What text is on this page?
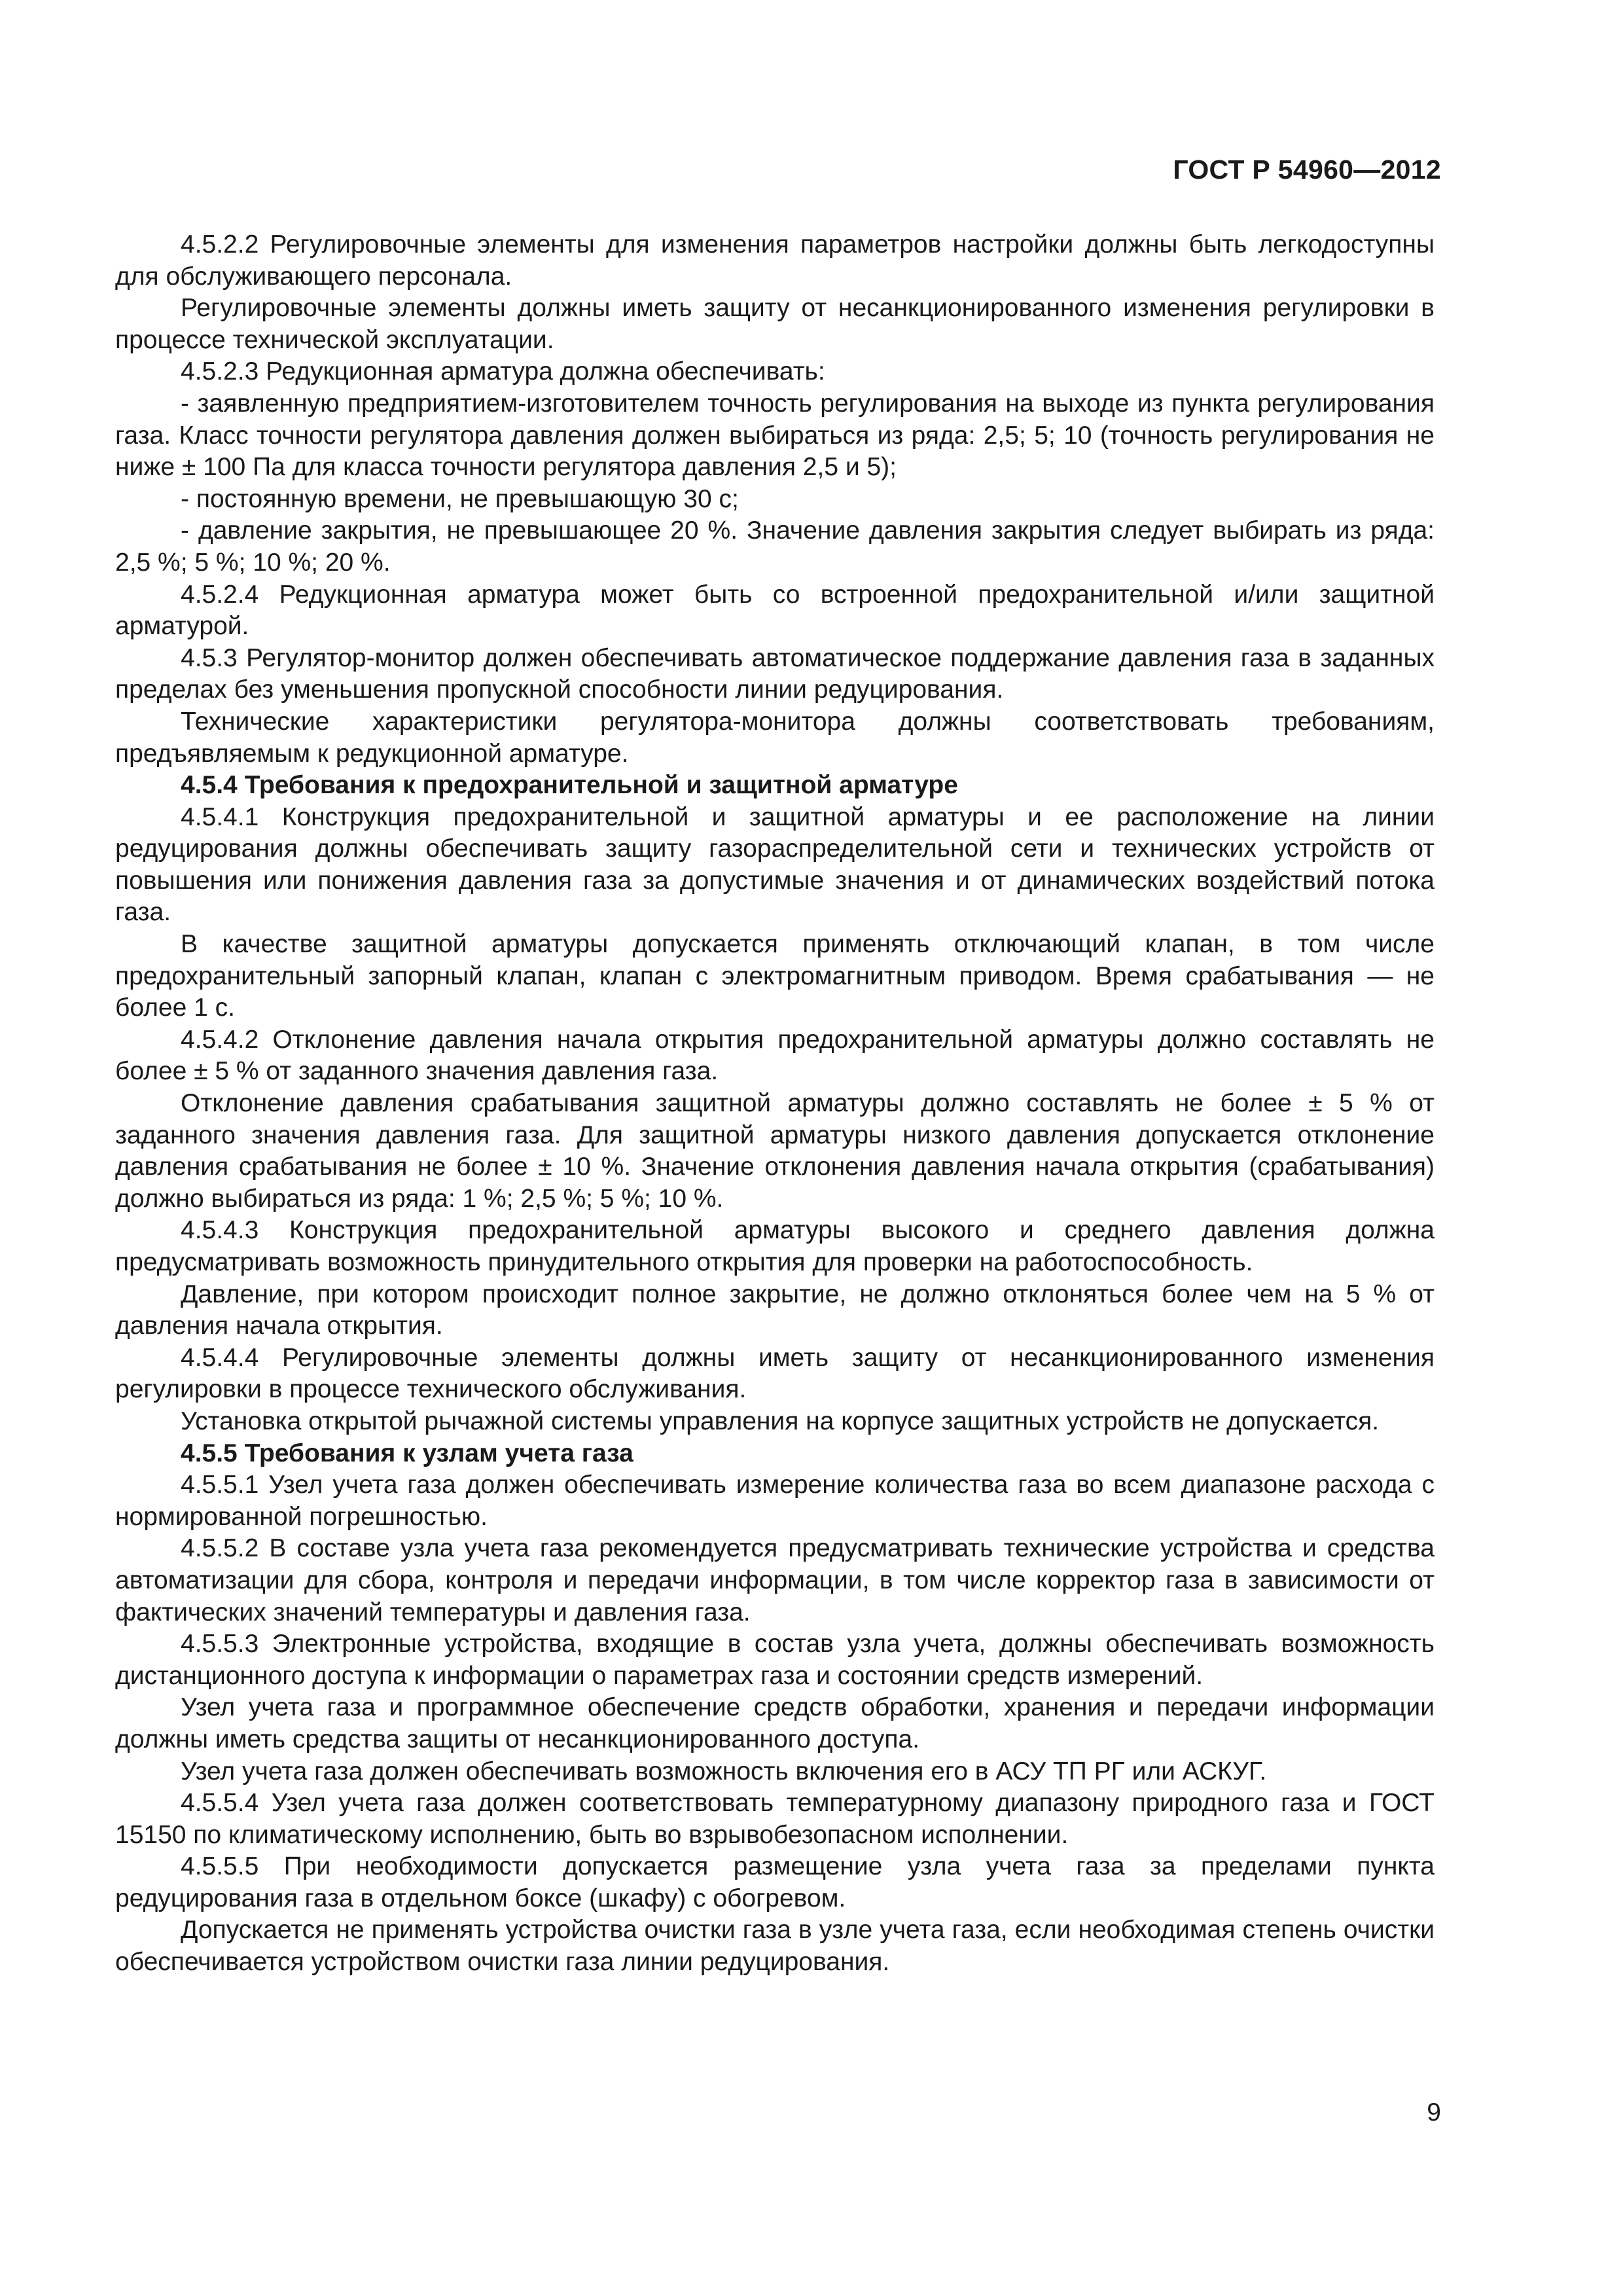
ГОСТ Р 54960—2012

4.5.2.2 Регулировочные элементы для изменения параметров настройки должны быть легкодоступны для обслуживающего персонала.

Регулировочные элементы должны иметь защиту от несанкционированного изменения регулировки в процессе технической эксплуатации.

4.5.2.3 Редукционная арматура должна обеспечивать:

- заявленную предприятием-изготовителем точность регулирования на выходе из пункта регулирования газа. Класс точности регулятора давления должен выбираться из ряда: 2,5; 5; 10 (точность регулирования не ниже ± 100 Па для класса точности регулятора давления 2,5 и 5);

- постоянную времени, не превышающую 30 с;

- давление закрытия, не превышающее 20 %. Значение давления закрытия следует выбирать из ряда: 2,5 %; 5 %; 10 %; 20 %.

4.5.2.4 Редукционная арматура может быть со встроенной предохранительной и/или защитной арматурой.

4.5.3 Регулятор-монитор должен обеспечивать автоматическое поддержание давления газа в заданных пределах без уменьшения пропускной способности линии редуцирования.

Технические характеристики регулятора-монитора должны соответствовать требованиям, предъявляемым к редукционной арматуре.

4.5.4 Требования к предохранительной и защитной арматуре

4.5.4.1 Конструкция предохранительной и защитной арматуры и ее расположение на линии редуцирования должны обеспечивать защиту газораспределительной сети и технических устройств от повышения или понижения давления газа за допустимые значения и от динамических воздействий потока газа.

В качестве защитной арматуры допускается применять отключающий клапан, в том числе предохранительный запорный клапан, клапан с электромагнитным приводом. Время срабатывания — не более 1 с.

4.5.4.2 Отклонение давления начала открытия предохранительной арматуры должно составлять не более ± 5 % от заданного значения давления газа.

Отклонение давления срабатывания защитной арматуры должно составлять не более ± 5 % от заданного значения давления газа. Для защитной арматуры низкого давления допускается отклонение давления срабатывания не более ± 10 %. Значение отклонения давления начала открытия (срабатывания) должно выбираться из ряда: 1 %; 2,5 %; 5 %; 10 %.

4.5.4.3 Конструкция предохранительной арматуры высокого и среднего давления должна предусматривать возможность принудительного открытия для проверки на работоспособность.

Давление, при котором происходит полное закрытие, не должно отклоняться более чем на 5 % от давления начала открытия.

4.5.4.4 Регулировочные элементы должны иметь защиту от несанкционированного изменения регулировки в процессе технического обслуживания.

Установка открытой рычажной системы управления на корпусе защитных устройств не допускается.

4.5.5 Требования к узлам учета газа

4.5.5.1 Узел учета газа должен обеспечивать измерение количества газа во всем диапазоне расхода с нормированной погрешностью.

4.5.5.2 В составе узла учета газа рекомендуется предусматривать технические устройства и средства автоматизации для сбора, контроля и передачи информации, в том числе корректор газа в зависимости от фактических значений температуры и давления газа.

4.5.5.3 Электронные устройства, входящие в состав узла учета, должны обеспечивать возможность дистанционного доступа к информации о параметрах газа и состоянии средств измерений.

Узел учета газа и программное обеспечение средств обработки, хранения и передачи информации должны иметь средства защиты от несанкционированного доступа.

Узел учета газа должен обеспечивать возможность включения его в АСУ ТП РГ или АСКУГ.

4.5.5.4 Узел учета газа должен соответствовать температурному диапазону природного газа и ГОСТ 15150 по климатическому исполнению, быть во взрывобезопасном исполнении.

4.5.5.5 При необходимости допускается размещение узла учета газа за пределами пункта редуцирования газа в отдельном боксе (шкафу) с обогревом.

Допускается не применять устройства очистки газа в узле учета газа, если необходимая степень очистки обеспечивается устройством очистки газа линии редуцирования.

9
